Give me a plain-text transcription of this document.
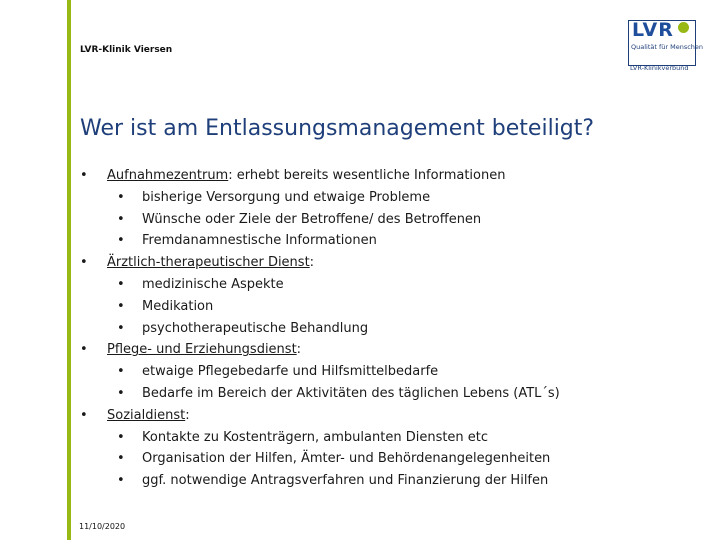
LVR-Klinik Viersen
LVR
Qualität für Menschen
LVR-Klinikverbund
Wer ist am Entlassungsmanagement beteiligt?
• Aufnahmezentrum: erhebt bereits wesentliche Informationen
• bisherige Versorgung und etwaige Probleme
• Wünsche oder Ziele der Betroffene/ des Betroffenen
• Fremdanamnestische Informationen
• Ärztlich-therapeutischer Dienst:
• medizinische Aspekte
• Medikation
• psychotherapeutische Behandlung
• Pflege- und Erziehungsdienst:
• etwaige Pflegebedarfe und Hilfsmittelbedarfe
• Bedarfe im Bereich der Aktivitäten des täglichen Lebens (ATL´s)
• Sozialdienst:
• Kontakte zu Kostenträgern, ambulanten Diensten etc
• Organisation der Hilfen, Ämter- und Behördenangelegenheiten
• ggf. notwendige Antragsverfahren und Finanzierung der Hilfen
11/10/2020
